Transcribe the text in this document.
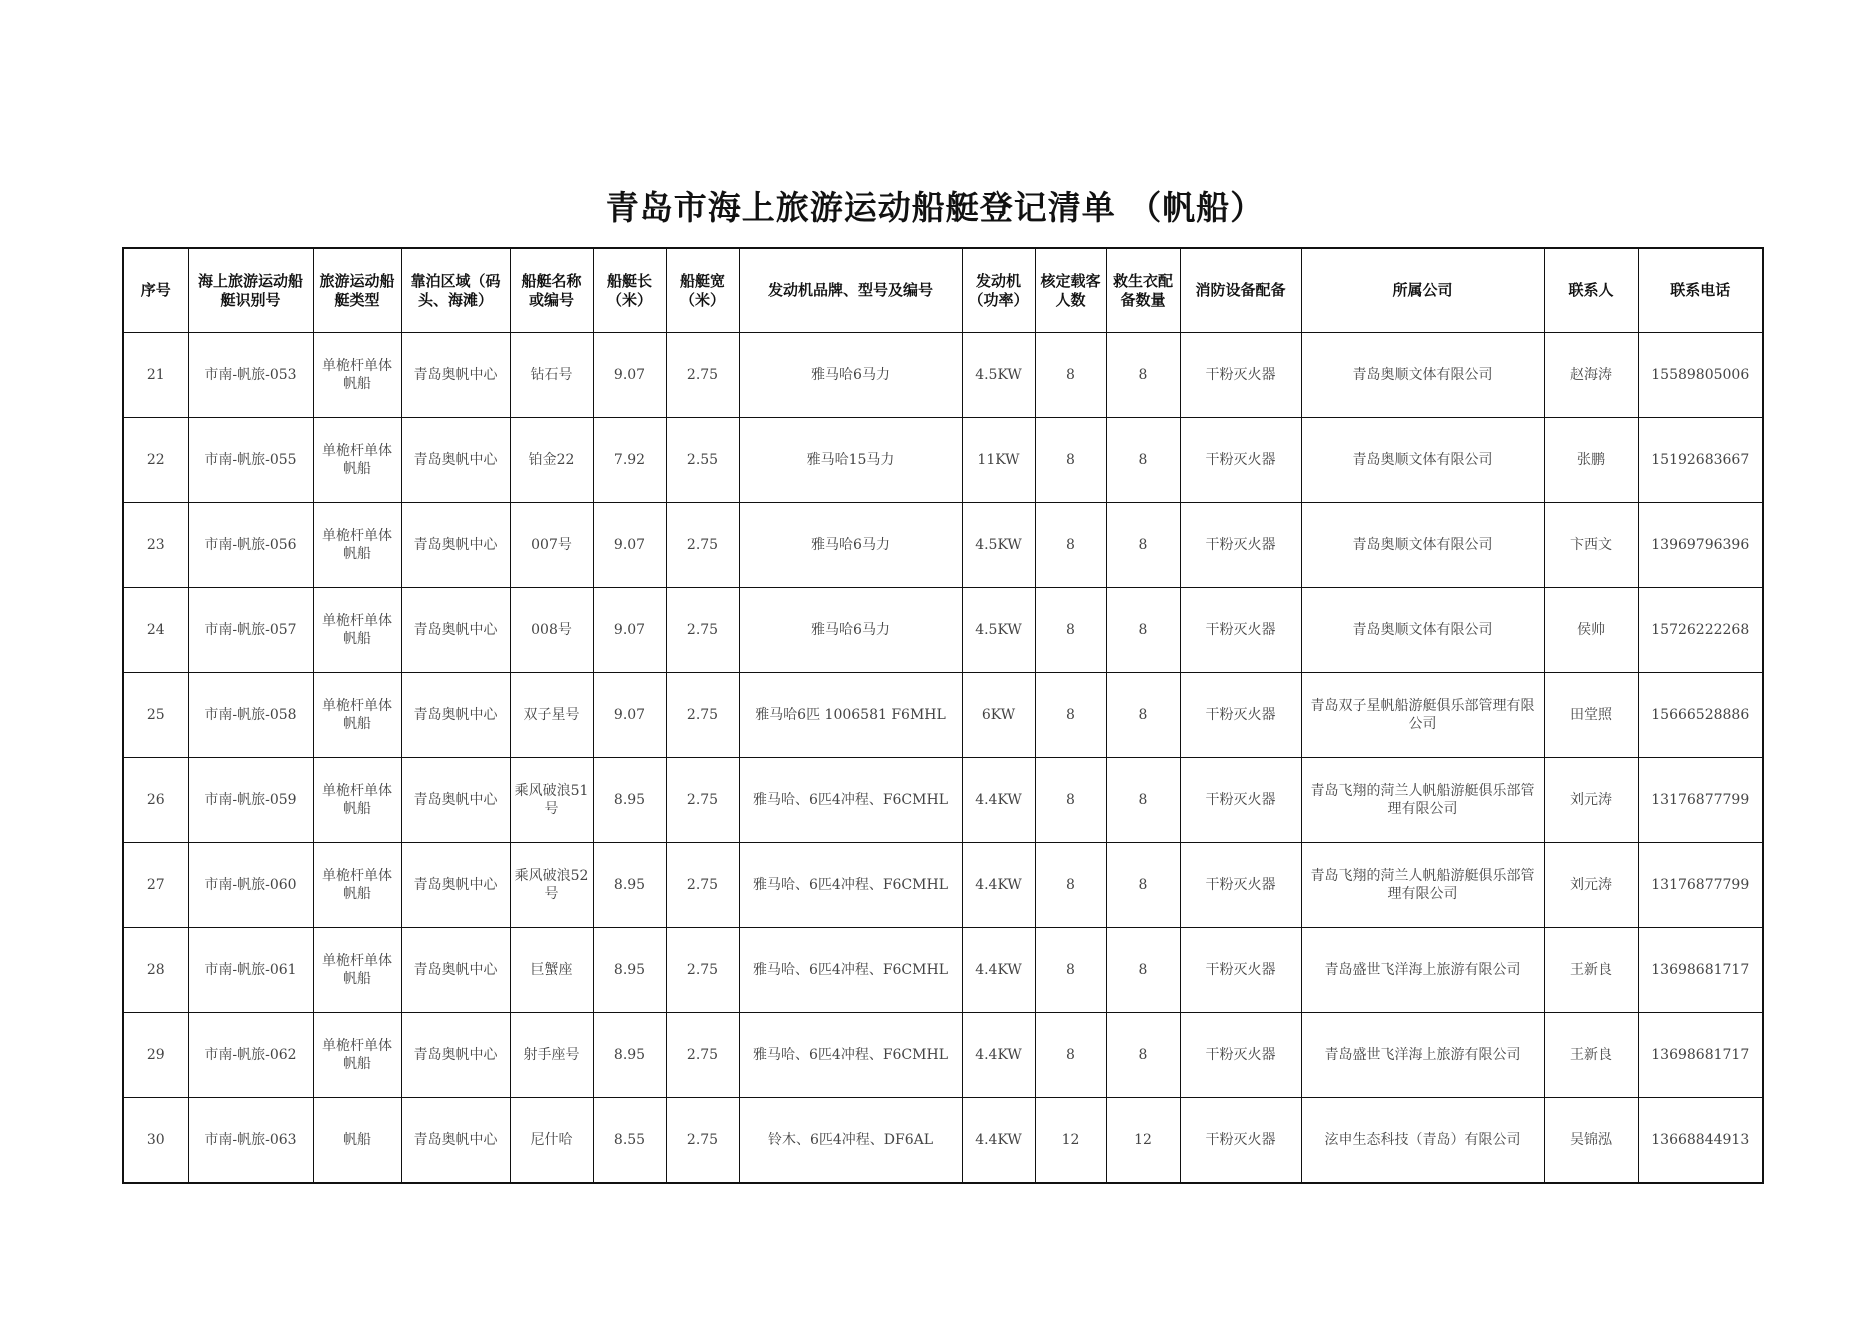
青岛市海上旅游运动船艇登记清单 （帆船）
序号	海上旅游运动船艇识别号	旅游运动船艇类型	靠泊区域（码头、海滩）	船艇名称或编号	船艇长（米）	船艇宽（米）	发动机品牌、型号及编号	发动机（功率）	核定载客人数	救生衣配备数量	消防设备配备	所属公司	联系人	联系电话
21	市南-帆旅-053	单桅杆单体帆船	青岛奥帆中心	钻石号	9.07	2.75	雅马哈6马力	4.5KW	8	8	干粉灭火器	青岛奥顺文体有限公司	赵海涛	15589805006
22	市南-帆旅-055	单桅杆单体帆船	青岛奥帆中心	铂金22	7.92	2.55	雅马哈15马力	11KW	8	8	干粉灭火器	青岛奥顺文体有限公司	张鹏	15192683667
23	市南-帆旅-056	单桅杆单体帆船	青岛奥帆中心	007号	9.07	2.75	雅马哈6马力	4.5KW	8	8	干粉灭火器	青岛奥顺文体有限公司	卞西文	13969796396
24	市南-帆旅-057	单桅杆单体帆船	青岛奥帆中心	008号	9.07	2.75	雅马哈6马力	4.5KW	8	8	干粉灭火器	青岛奥顺文体有限公司	侯帅	15726222268
25	市南-帆旅-058	单桅杆单体帆船	青岛奥帆中心	双子星号	9.07	2.75	雅马哈6匹 1006581 F6MHL	6KW	8	8	干粉灭火器	青岛双子星帆船游艇俱乐部管理有限公司	田堂照	15666528886
26	市南-帆旅-059	单桅杆单体帆船	青岛奥帆中心	乘风破浪51号	8.95	2.75	雅马哈、6匹4冲程、F6CMHL	4.4KW	8	8	干粉灭火器	青岛飞翔的菏兰人帆船游艇俱乐部管理有限公司	刘元涛	13176877799
27	市南-帆旅-060	单桅杆单体帆船	青岛奥帆中心	乘风破浪52号	8.95	2.75	雅马哈、6匹4冲程、F6CMHL	4.4KW	8	8	干粉灭火器	青岛飞翔的菏兰人帆船游艇俱乐部管理有限公司	刘元涛	13176877799
28	市南-帆旅-061	单桅杆单体帆船	青岛奥帆中心	巨蟹座	8.95	2.75	雅马哈、6匹4冲程、F6CMHL	4.4KW	8	8	干粉灭火器	青岛盛世飞洋海上旅游有限公司	王新良	13698681717
29	市南-帆旅-062	单桅杆单体帆船	青岛奥帆中心	射手座号	8.95	2.75	雅马哈、6匹4冲程、F6CMHL	4.4KW	8	8	干粉灭火器	青岛盛世飞洋海上旅游有限公司	王新良	13698681717
30	市南-帆旅-063	帆船	青岛奥帆中心	尼什哈	8.55	2.75	铃木、6匹4冲程、DF6AL	4.4KW	12	12	干粉灭火器	泫申生态科技（青岛）有限公司	吴锦泓	13668844913
